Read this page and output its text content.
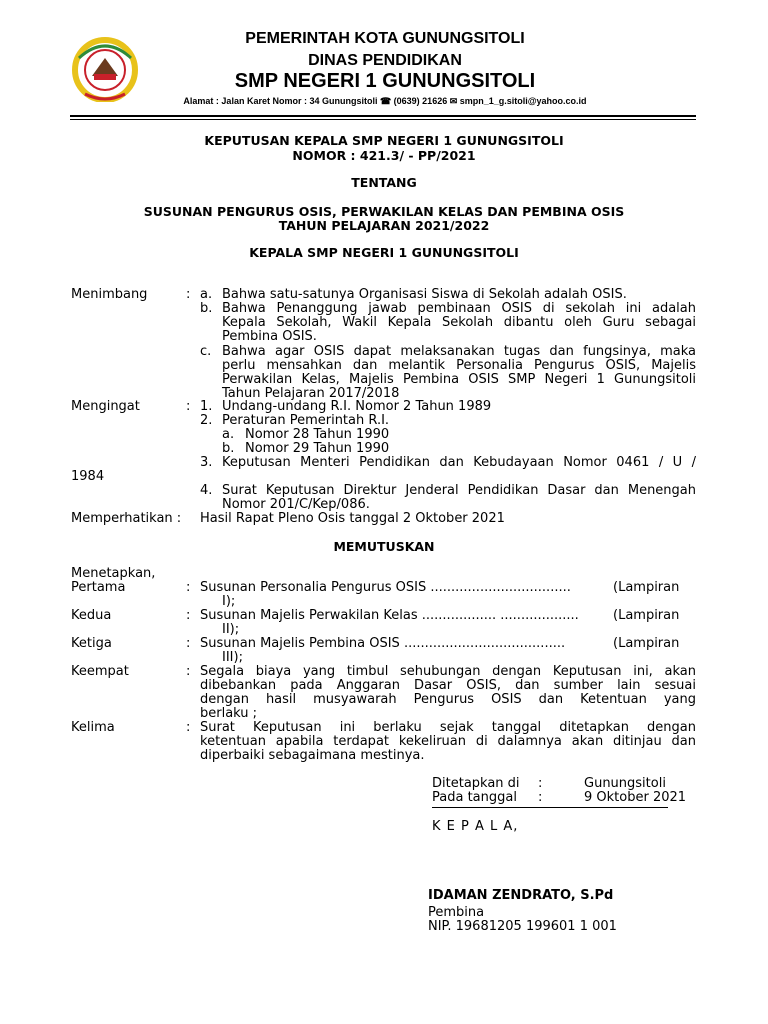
PEMERINTAH KOTA GUNUNGSITOLI
DINAS PENDIDIKAN
SMP NEGERI 1 GUNUNGSITOLI
Alamat : Jalan Karet Nomor : 34 Gunungsitoli ☎ (0639) 21626 ✉ smpn_1_g.sitoli@yahoo.co.id
KEPUTUSAN KEPALA SMP NEGERI 1 GUNUNGSITOLI
NOMOR : 421.3/ - PP/2021
TENTANG
SUSUNAN PENGURUS OSIS, PERWAKILAN KELAS DAN PEMBINA OSIS
TAHUN PELAJARAN 2021/2022
KEPALA SMP NEGERI 1 GUNUNGSITOLI
Menimbang	: a. Bahwa satu-satunya Organisasi Siswa di Sekolah adalah OSIS.
b. Bahwa Penanggung jawab pembinaan OSIS di sekolah ini adalah
Kepala Sekolah, Wakil Kepala Sekolah dibantu oleh Guru sebagai
Pembina OSIS.
c. Bahwa agar OSIS dapat melaksanakan tugas dan fungsinya, maka
perlu mensahkan dan melantik Personalia Pengurus OSIS, Majelis
Perwakilan Kelas, Majelis Pembina OSIS SMP Negeri 1 Gunungsitoli
Tahun Pelajaran 2017/2018
Mengingat	: 1. Undang-undang R.I. Nomor 2 Tahun 1989
2. Peraturan Pemerintah R.I.
a. Nomor 28 Tahun 1990
b. Nomor 29 Tahun 1990
3. Keputusan Menteri Pendidikan dan Kebudayaan Nomor 0461 / U /
1984
4. Surat Keputusan Direktur Jenderal Pendidikan Dasar dan Menengah
Nomor 201/C/Kep/086.
Memperhatikan : Hasil Rapat Pleno Osis tanggal 2 Oktober 2021
MEMUTUSKAN
Menetapkan,
Pertama	: Susunan Personalia Pengurus OSIS ..................................	(Lampiran
I);
Kedua	: Susunan Majelis Perwakilan Kelas .................. ...................	(Lampiran
II);
Ketiga	: Susunan Majelis Pembina OSIS .......................................	(Lampiran
III);
Keempat	: Segala biaya yang timbul sehubungan dengan Keputusan ini, akan
dibebankan pada Anggaran Dasar OSIS, dan sumber lain sesuai
dengan hasil musyawarah Pengurus OSIS dan Ketentuan yang
berlaku ;
Kelima	: Surat Keputusan ini berlaku sejak tanggal ditetapkan dengan
ketentuan apabila terdapat kekeliruan di dalamnya akan ditinjau dan
diperbaiki sebagaimana mestinya.
Ditetapkan di :	Gunungsitoli
Pada tanggal :	9 Oktober 2021
K E P A L A,
IDAMAN ZENDRATO, S.Pd
Pembina
NIP. 19681205 199601 1 001
